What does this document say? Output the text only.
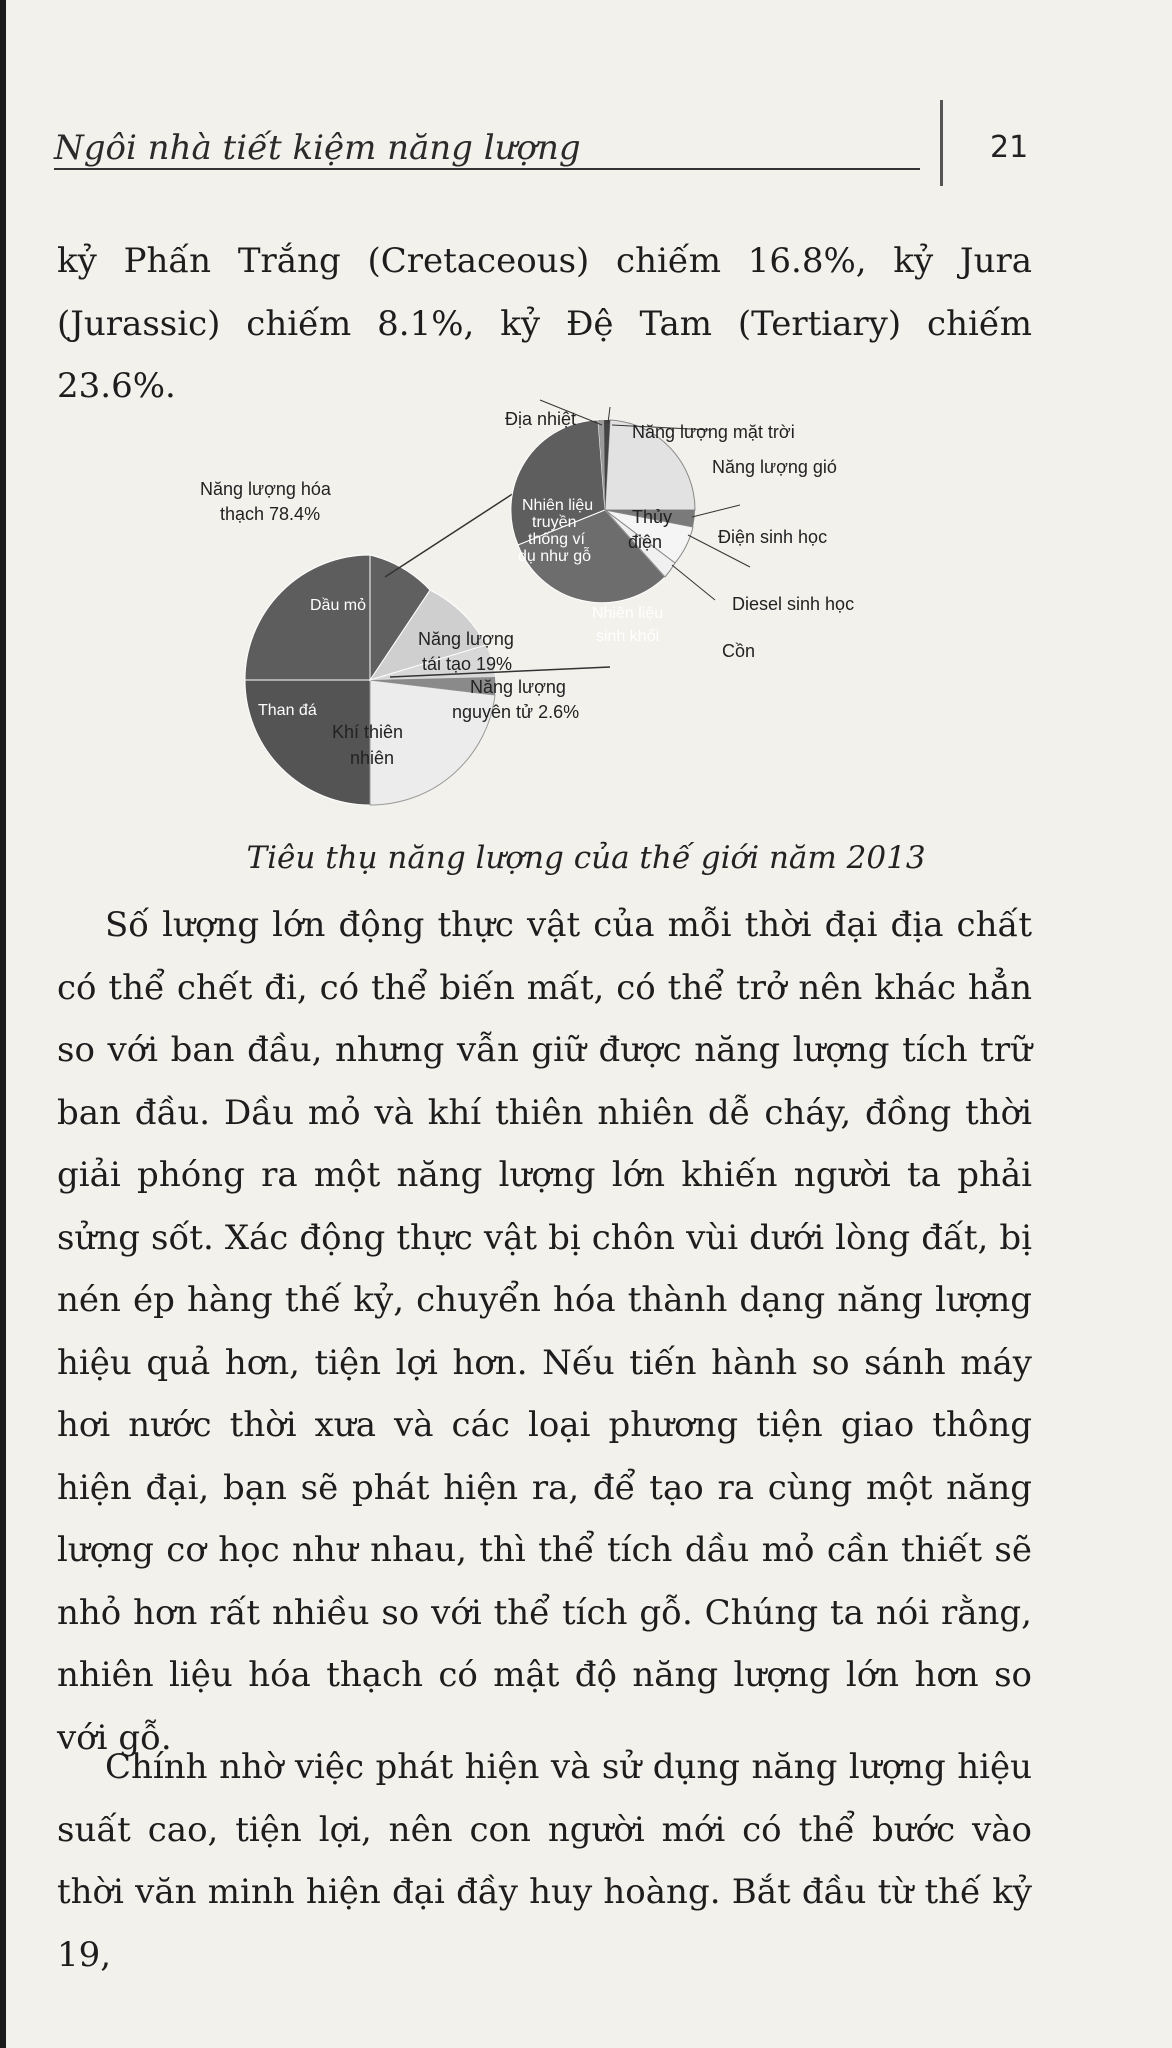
Ngôi nhà tiết kiệm năng lượng	21

kỷ Phấn Trắng (Cretaceous) chiếm 16.8%, kỷ Jura (Jurassic) chiếm 8.1%, kỷ Đệ Tam (Tertiary) chiếm 23.6%.

Năng lượng hóa
thạch 78.4%
Dầu mỏ
Than đá
Khí thiên
nhiên
Năng lượng
tái tạo 19%
Năng lượng
nguyên tử 2.6%
Địa nhiệt
Năng lượng mặt trời
Năng lượng gió
Nhiên liệu
truyền
thống ví
dụ như gỗ
Thủy
điện	Điện sinh học
Nhiên liệu
sinh khối
Diesel sinh học
Cồn
Tiêu thụ năng lượng của thế giới năm 2013

Số lượng lớn động thực vật của mỗi thời đại địa chất có thể chết đi, có thể biến mất, có thể trở nên khác hẳn so với ban đầu, nhưng vẫn giữ được năng lượng tích trữ ban đầu. Dầu mỏ và khí thiên nhiên dễ cháy, đồng thời giải phóng ra một năng lượng lớn khiến người ta phải sửng sốt. Xác động thực vật bị chôn vùi dưới lòng đất, bị nén ép hàng thế kỷ, chuyển hóa thành dạng năng lượng hiệu quả hơn, tiện lợi hơn. Nếu tiến hành so sánh máy hơi nước thời xưa và các loại phương tiện giao thông hiện đại, bạn sẽ phát hiện ra, để tạo ra cùng một năng lượng cơ học như nhau, thì thể tích dầu mỏ cần thiết sẽ nhỏ hơn rất nhiều so với thể tích gỗ. Chúng ta nói rằng, nhiên liệu hóa thạch có mật độ năng lượng lớn hơn so với gỗ.

Chính nhờ việc phát hiện và sử dụng năng lượng hiệu suất cao, tiện lợi, nên con người mới có thể bước vào thời văn minh hiện đại đầy huy hoàng. Bắt đầu từ thế kỷ 19,
